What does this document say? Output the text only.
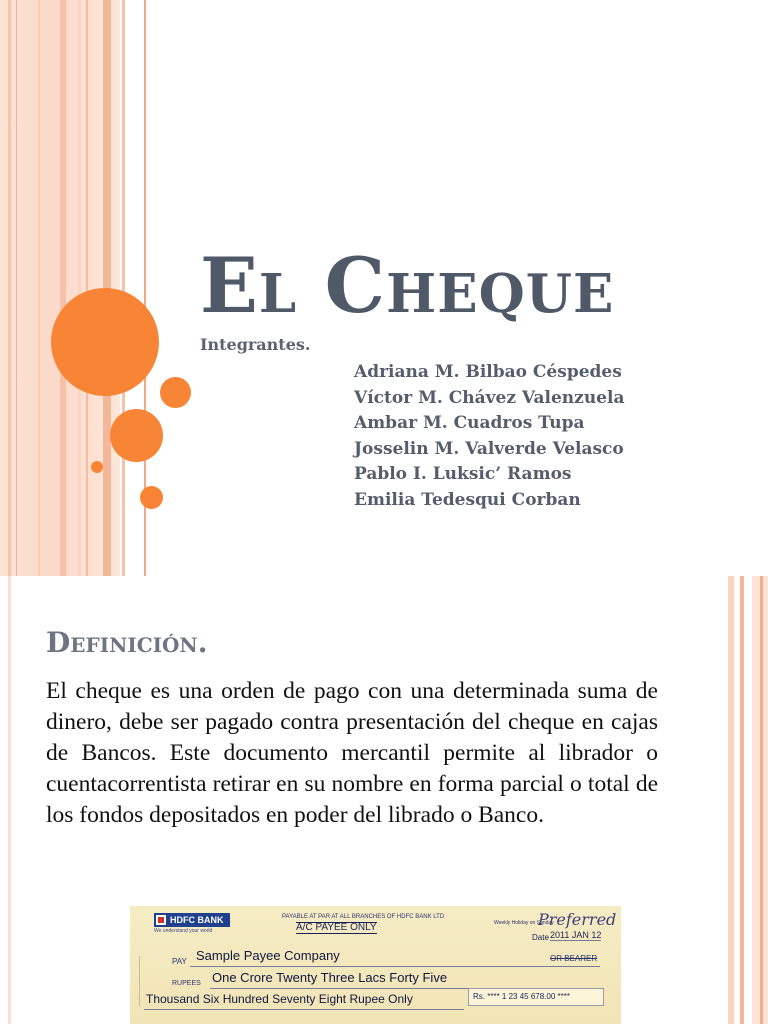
El Cheque
Integrantes.
Adriana M. Bilbao Céspedes
Víctor M. Chávez Valenzuela
Ambar M. Cuadros Tupa
Josselin M. Valverde Velasco
Pablo I. Luksic’ Ramos
Emilia Tedesqui Corban
Definición.

El cheque es una orden de pago con una determinada suma de dinero, debe ser pagado contra presentación del cheque en cajas de Bancos. Este documento mercantil permite al librador o cuentacorrentista retirar en su nombre en forma parcial o total de los fondos depositados en poder del librado o Banco.

HDFC BANK
We understand your world
PAYABLE AT PAR AT ALL BRANCHES OF HDFC BANK LTD
A/C PAYEE ONLY	Weekly Holiday on Sunday
Preferred
Date 2011 JAN 12
PAY Sample Payee Company	OR BEARER
RUPEES One Crore Twenty Three Lacs Forty Five
Thousand Six Hundred Seventy Eight Rupee Only	Rs. **** 1 23 45 678.00 ****
